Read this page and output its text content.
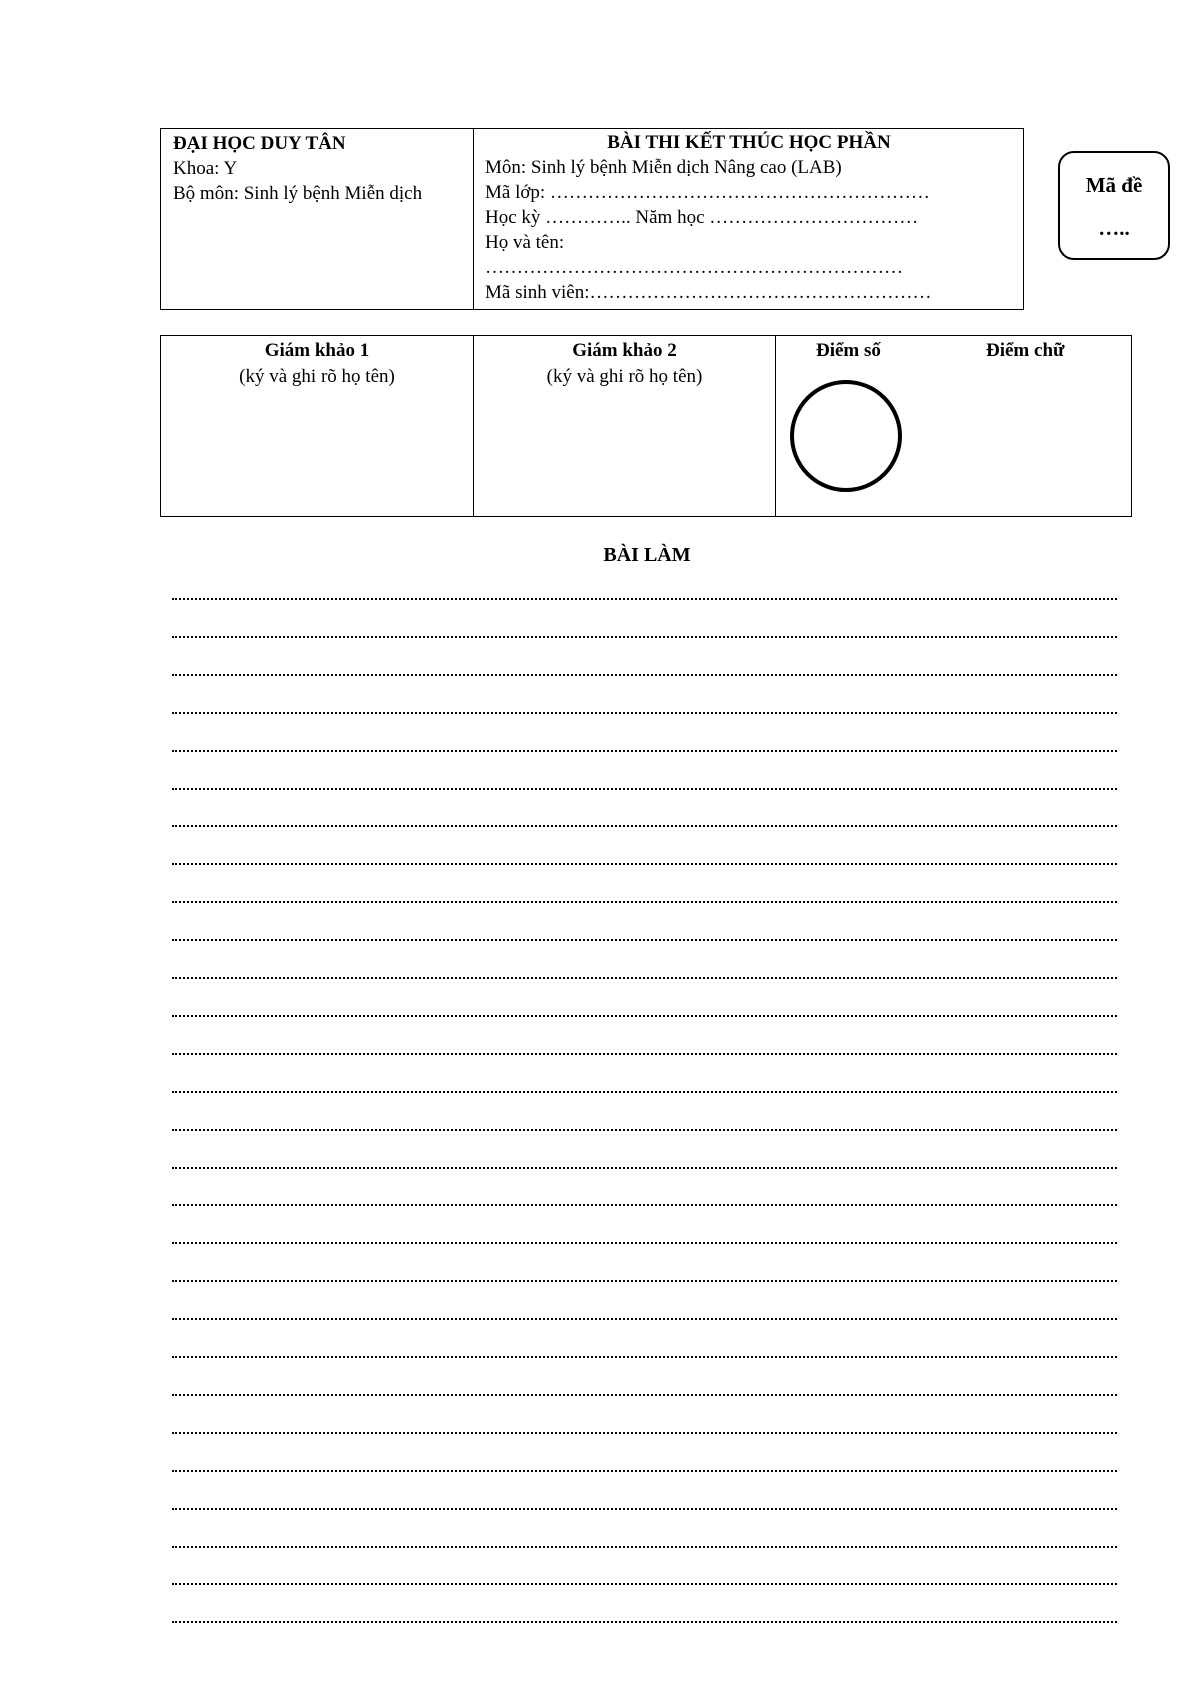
ĐẠI HỌC DUY TÂN
Khoa: Y
Bộ môn: Sinh lý bệnh Miễn dịch
BÀI THI KẾT THÚC HỌC PHẦN
Môn: Sinh lý bệnh Miễn dịch Nâng cao (LAB)
Mã lớp: ……………………………………………………
Học kỳ ………….. Năm học ……………………………
Họ và tên:
…………………………………………………………
Mã sinh viên:………………………………………………
Mã đề
…..
Giám khảo 1
(ký và ghi rõ họ tên)
Giám khảo 2
(ký và ghi rõ họ tên)
Điểm số	Điểm chữ
BÀI LÀM
